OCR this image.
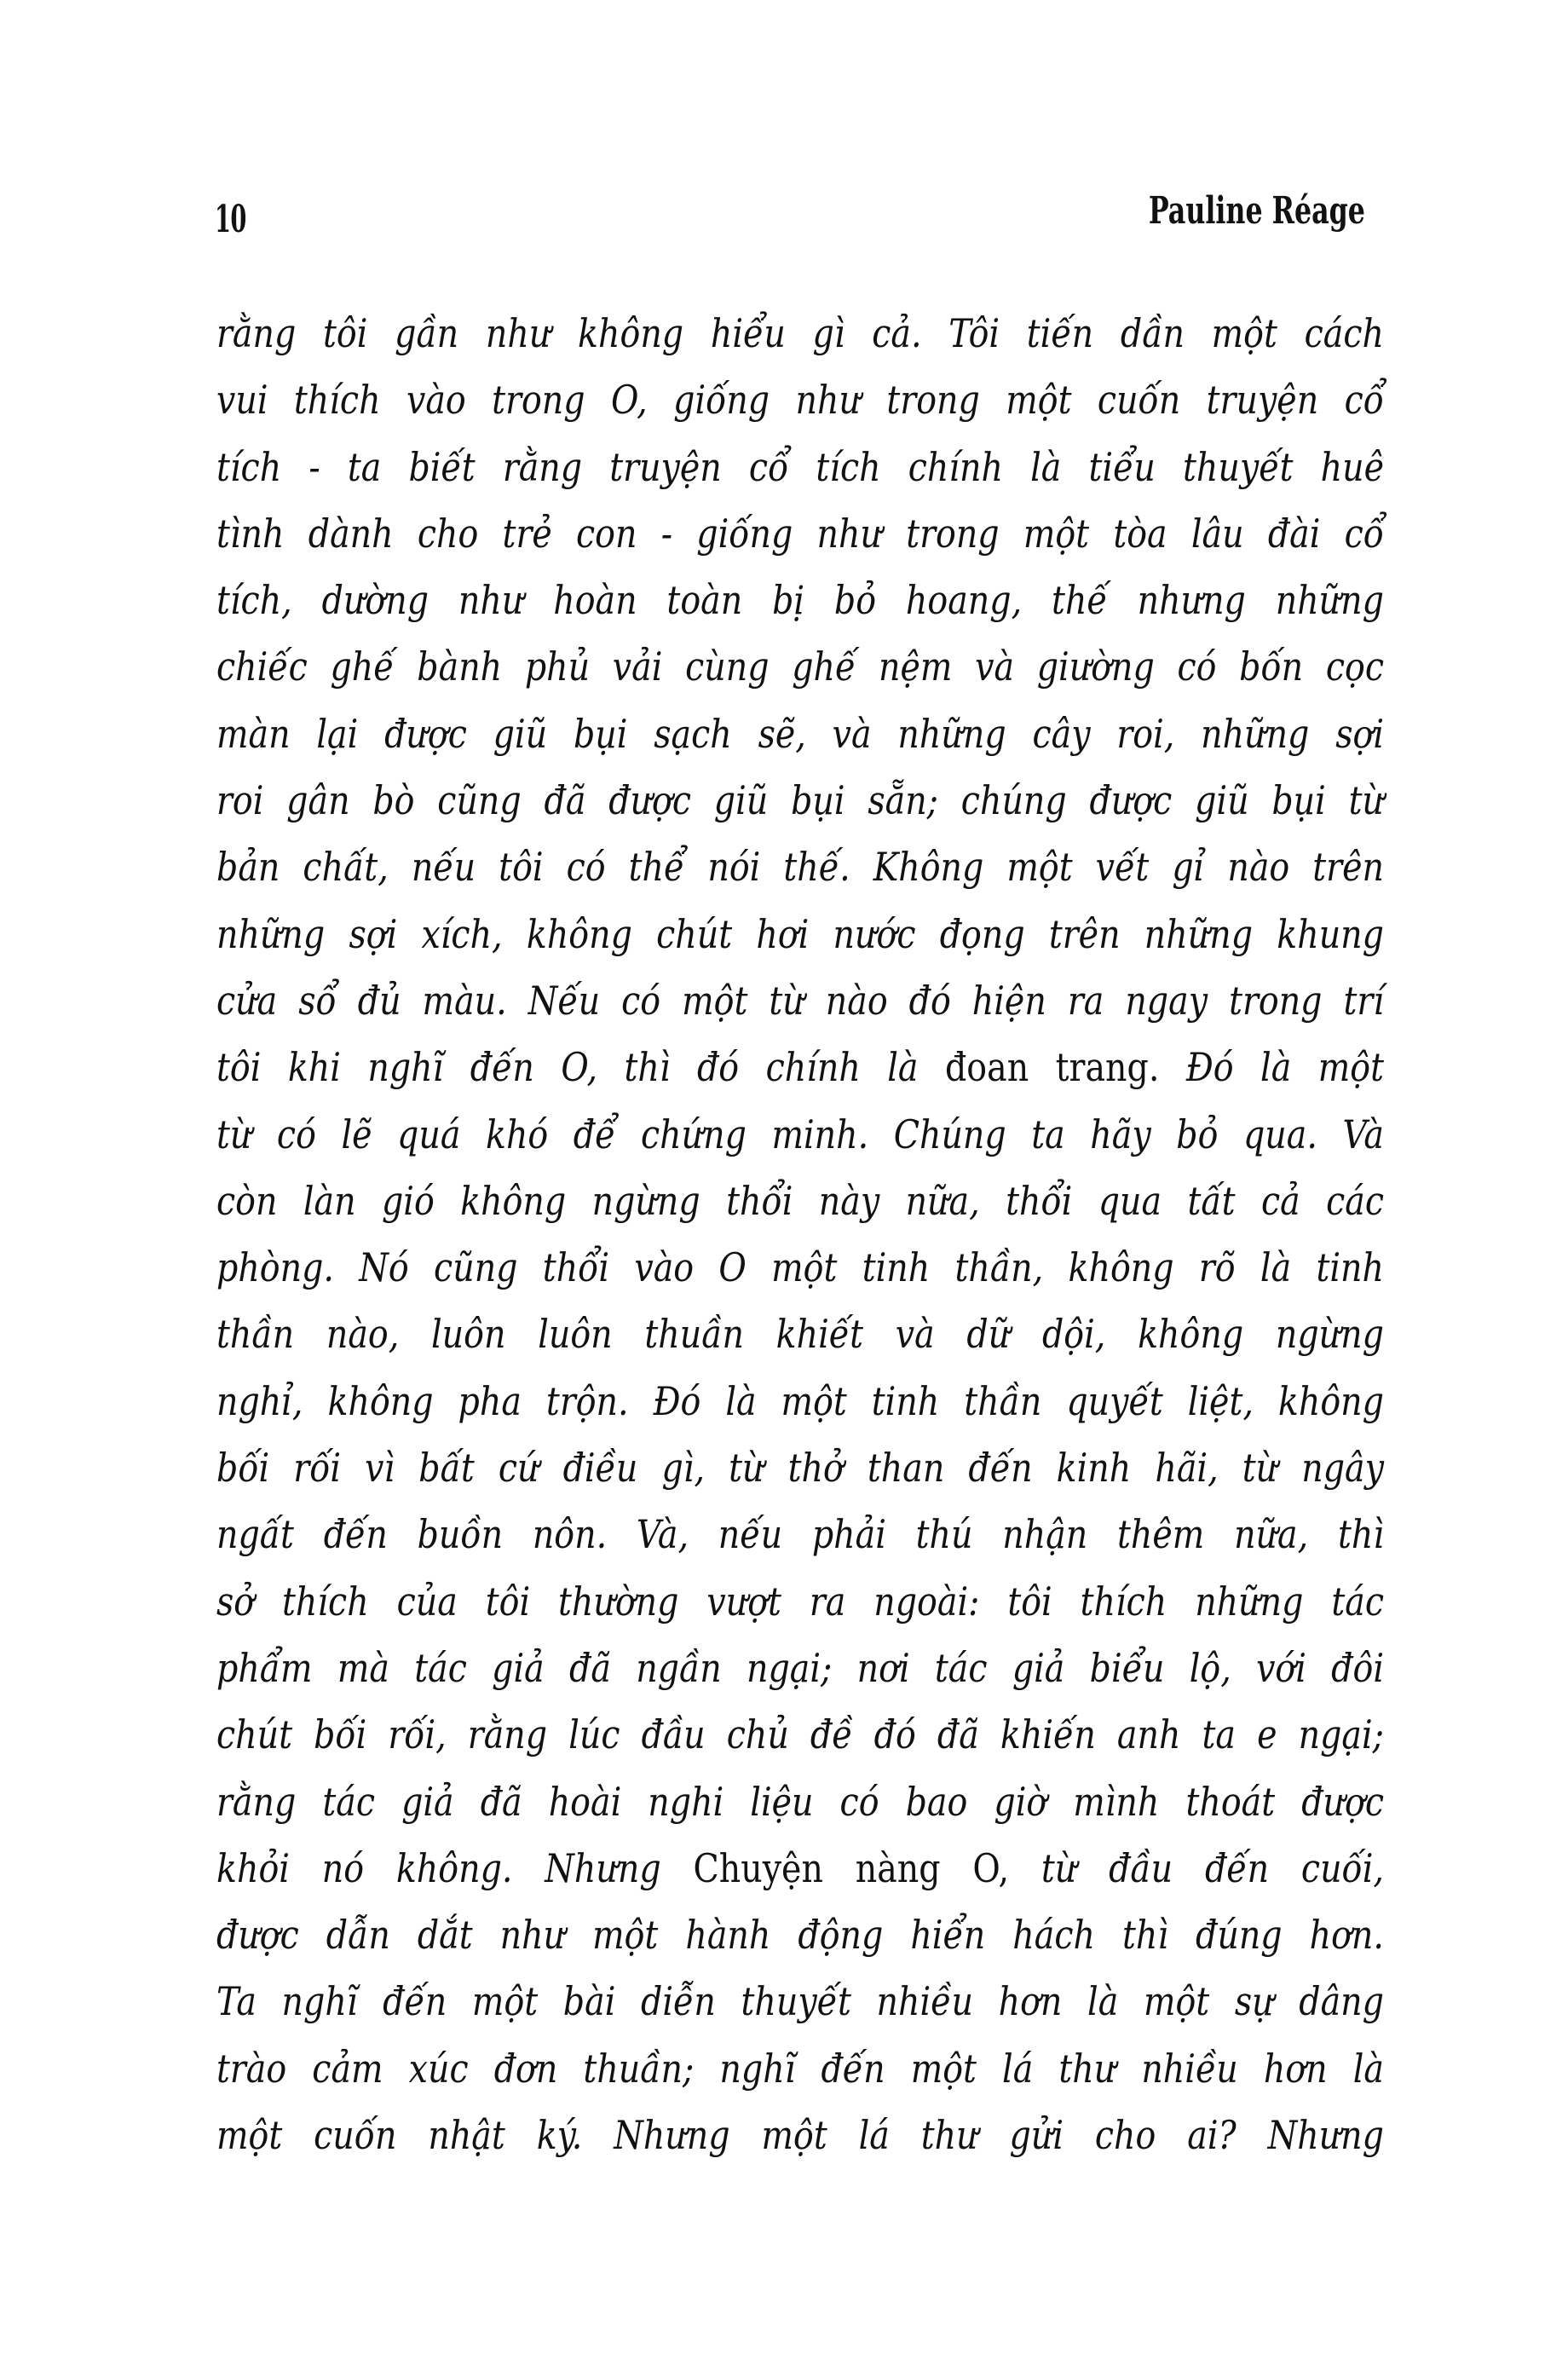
10	Pauline Réage
rằng tôi gần như không hiểu gì cả. Tôi tiến dần một cách
vui thích vào trong O, giống như trong một cuốn truyện cổ
tích - ta biết rằng truyện cổ tích chính là tiểu thuyết huê
tình dành cho trẻ con - giống như trong một tòa lâu đài cổ
tích, dường như hoàn toàn bị bỏ hoang, thế nhưng những
chiếc ghế bành phủ vải cùng ghế nệm và giường có bốn cọc
màn lại được giũ bụi sạch sẽ, và những cây roi, những sợi
roi gân bò cũng đã được giũ bụi sẵn; chúng được giũ bụi từ
bản chất, nếu tôi có thể nói thế. Không một vết gỉ nào trên
những sợi xích, không chút hơi nước đọng trên những khung
cửa sổ đủ màu. Nếu có một từ nào đó hiện ra ngay trong trí
tôi khi nghĩ đến O, thì đó chính là đoan trang. Đó là một
từ có lẽ quá khó để chứng minh. Chúng ta hãy bỏ qua. Và
còn làn gió không ngừng thổi này nữa, thổi qua tất cả các
phòng. Nó cũng thổi vào O một tinh thần, không rõ là tinh
thần nào, luôn luôn thuần khiết và dữ dội, không ngừng
nghỉ, không pha trộn. Đó là một tinh thần quyết liệt, không
bối rối vì bất cứ điều gì, từ thở than đến kinh hãi, từ ngây
ngất đến buồn nôn. Và, nếu phải thú nhận thêm nữa, thì
sở thích của tôi thường vượt ra ngoài: tôi thích những tác
phẩm mà tác giả đã ngần ngại; nơi tác giả biểu lộ, với đôi
chút bối rối, rằng lúc đầu chủ đề đó đã khiến anh ta e ngại;
rằng tác giả đã hoài nghi liệu có bao giờ mình thoát được
khỏi nó không. Nhưng Chuyện nàng O, từ đầu đến cuối,
được dẫn dắt như một hành động hiển hách thì đúng hơn.
Ta nghĩ đến một bài diễn thuyết nhiều hơn là một sự dâng
trào cảm xúc đơn thuần; nghĩ đến một lá thư nhiều hơn là
một cuốn nhật ký. Nhưng một lá thư gửi cho ai? Nhưng
